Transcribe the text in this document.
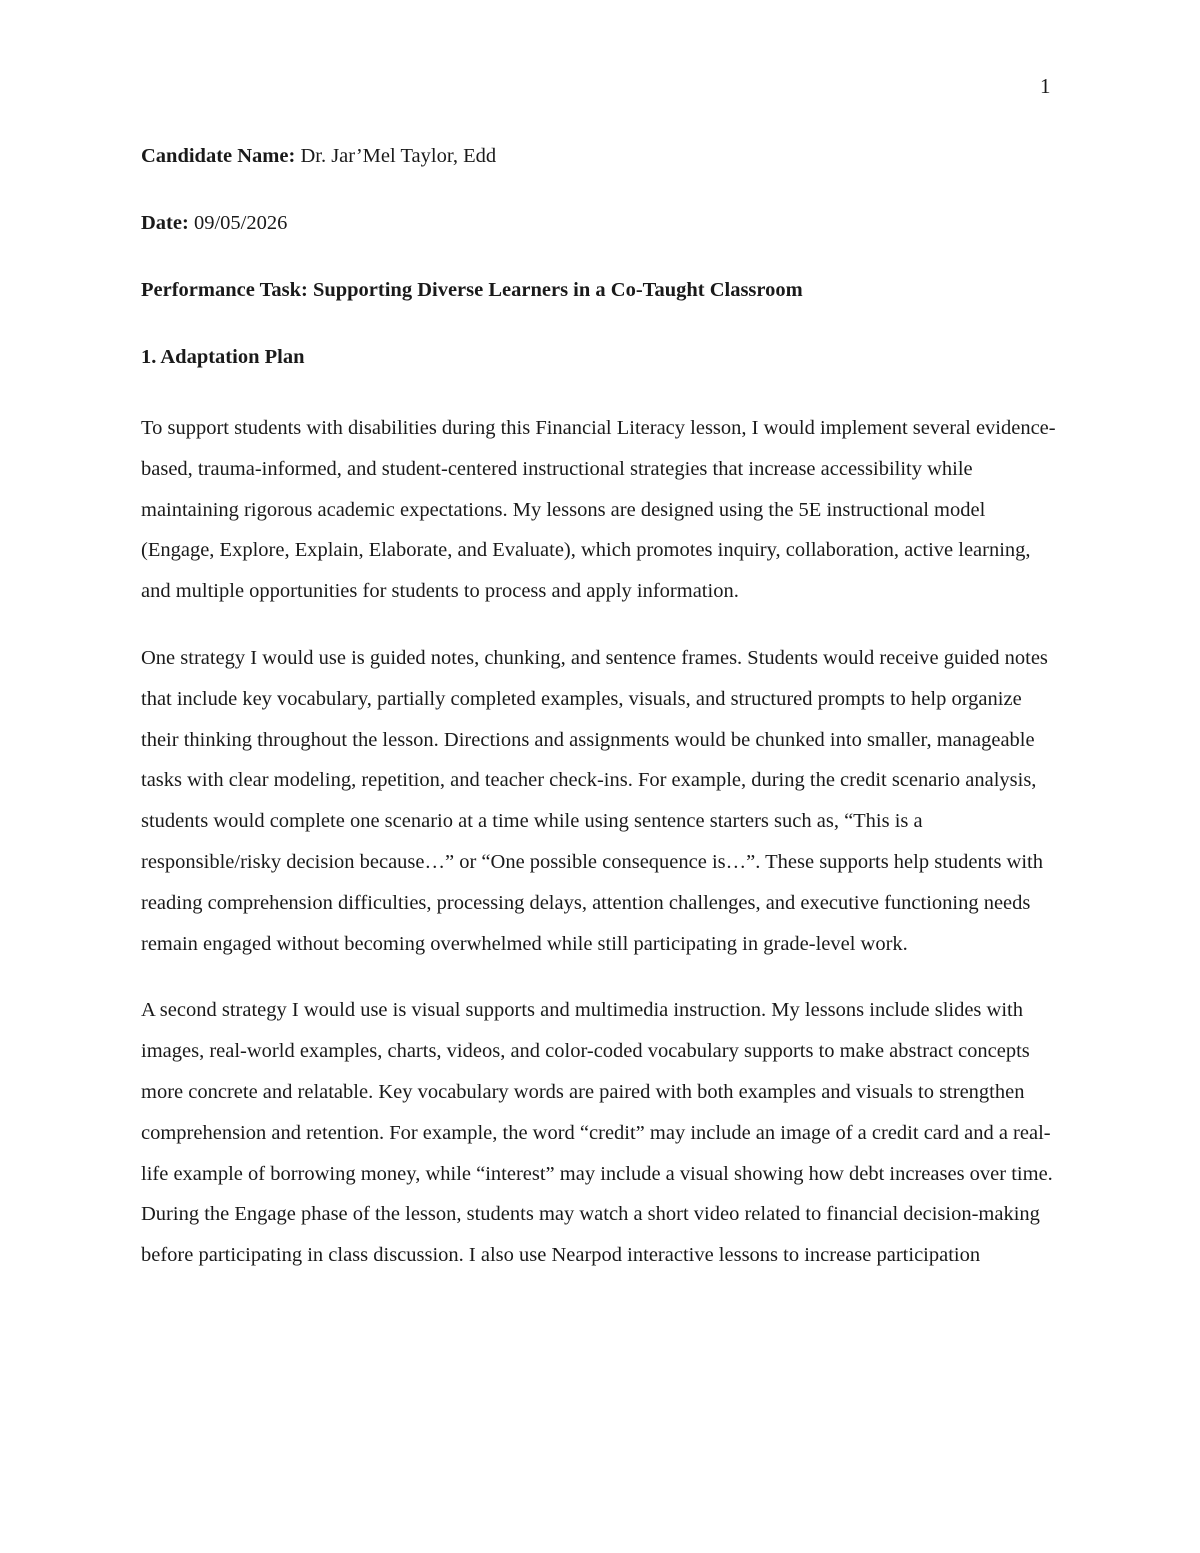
1

Candidate Name: Dr. Jar’Mel Taylor, Edd

Date: 09/05/2026

Performance Task: Supporting Diverse Learners in a Co-Taught Classroom

1. Adaptation Plan

To support students with disabilities during this Financial Literacy lesson, I would implement several evidence-based, trauma-informed, and student-centered instructional strategies that increase accessibility while maintaining rigorous academic expectations. My lessons are designed using the 5E instructional model (Engage, Explore, Explain, Elaborate, and Evaluate), which promotes inquiry, collaboration, active learning, and multiple opportunities for students to process and apply information.

One strategy I would use is guided notes, chunking, and sentence frames. Students would receive guided notes that include key vocabulary, partially completed examples, visuals, and structured prompts to help organize their thinking throughout the lesson. Directions and assignments would be chunked into smaller, manageable tasks with clear modeling, repetition, and teacher check-ins. For example, during the credit scenario analysis, students would complete one scenario at a time while using sentence starters such as, “This is a responsible/risky decision because…” or “One possible consequence is…”. These supports help students with reading comprehension difficulties, processing delays, attention challenges, and executive functioning needs remain engaged without becoming overwhelmed while still participating in grade-level work.

A second strategy I would use is visual supports and multimedia instruction. My lessons include slides with images, real-world examples, charts, videos, and color-coded vocabulary supports to make abstract concepts more concrete and relatable. Key vocabulary words are paired with both examples and visuals to strengthen comprehension and retention. For example, the word “credit” may include an image of a credit card and a real-life example of borrowing money, while “interest” may include a visual showing how debt increases over time. During the Engage phase of the lesson, students may watch a short video related to financial decision-making before participating in class discussion. I also use Nearpod interactive lessons to increase participation
